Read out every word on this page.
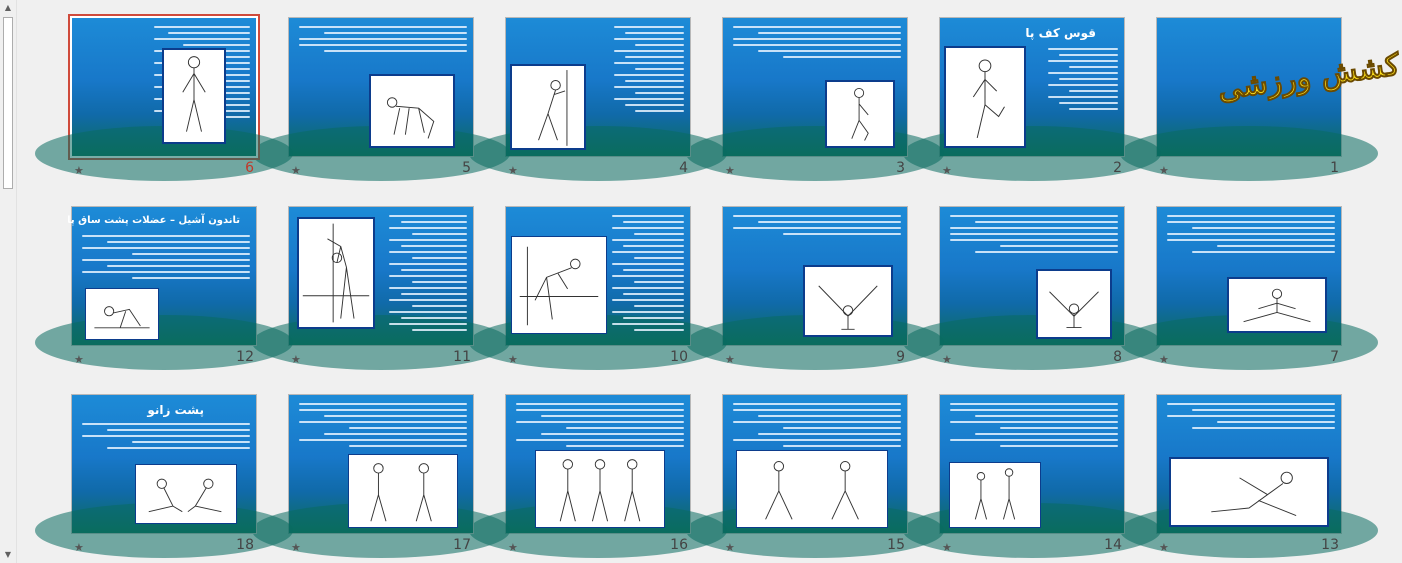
▲
▼
کشش ورزشی
★	1
قوس کف پا
★	2
★	3
★	4
★	5
★	6
★	7
★	8
★	9
★	10
★	11
تاندون آشیل – عضلات پشت ساق پا
★	12
★	13
★	14
★	15
★	16
★	17
پشت زانو
★	18
